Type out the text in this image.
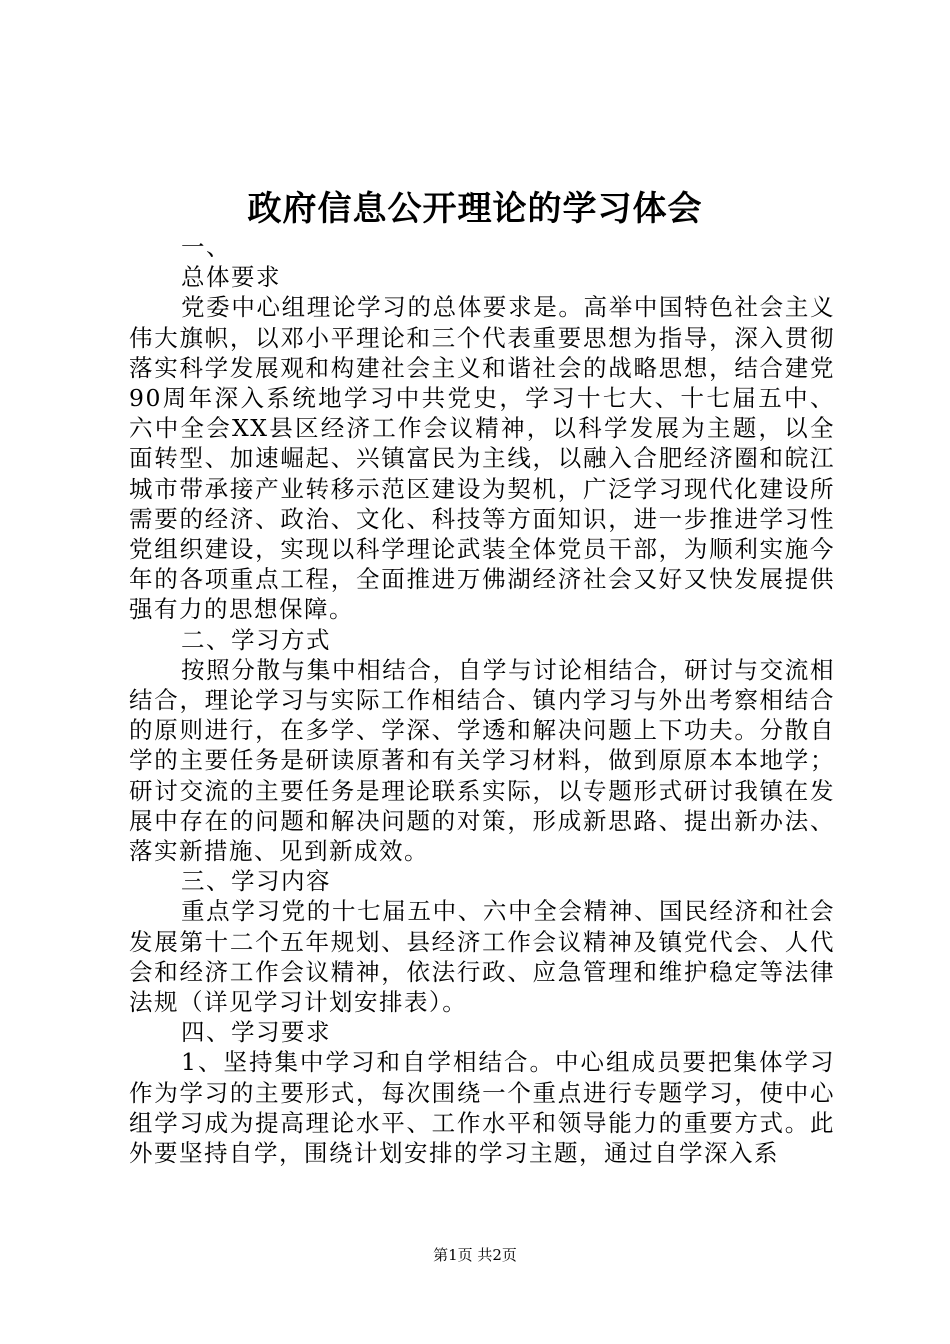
政府信息公开理论的学习体会
一、
总体要求
党委中心组理论学习的总体要求是。高举中国特色社会主义伟大旗帜，以邓小平理论和三个代表重要思想为指导，深入贯彻落实科学发展观和构建社会主义和谐社会的战略思想，结合建党90周年深入系统地学习中共党史，学习十七大、十七届五中、六中全会XX县区经济工作会议精神，以科学发展为主题，以全面转型、加速崛起、兴镇富民为主线，以融入合肥经济圈和皖江城市带承接产业转移示范区建设为契机，广泛学习现代化建设所需要的经济、政治、文化、科技等方面知识，进一步推进学习性党组织建设，实现以科学理论武装全体党员干部，为顺利实施今年的各项重点工程，全面推进万佛湖经济社会又好又快发展提供强有力的思想保障。
二、学习方式
按照分散与集中相结合，自学与讨论相结合，研讨与交流相结合，理论学习与实际工作相结合、镇内学习与外出考察相结合的原则进行，在多学、学深、学透和解决问题上下功夫。分散自学的主要任务是研读原著和有关学习材料，做到原原本本地学；研讨交流的主要任务是理论联系实际，以专题形式研讨我镇在发展中存在的问题和解决问题的对策，形成新思路、提出新办法、落实新措施、见到新成效。
三、学习内容
重点学习党的十七届五中、六中全会精神、国民经济和社会发展第十二个五年规划、县经济工作会议精神及镇党代会、人代会和经济工作会议精神，依法行政、应急管理和维护稳定等法律法规（详见学习计划安排表）。
四、学习要求
1、坚持集中学习和自学相结合。中心组成员要把集体学习作为学习的主要形式，每次围绕一个重点进行专题学习，使中心组学习成为提高理论水平、工作水平和领导能力的重要方式。此外要坚持自学，围绕计划安排的学习主题，通过自学深入系
第1页 共2页
